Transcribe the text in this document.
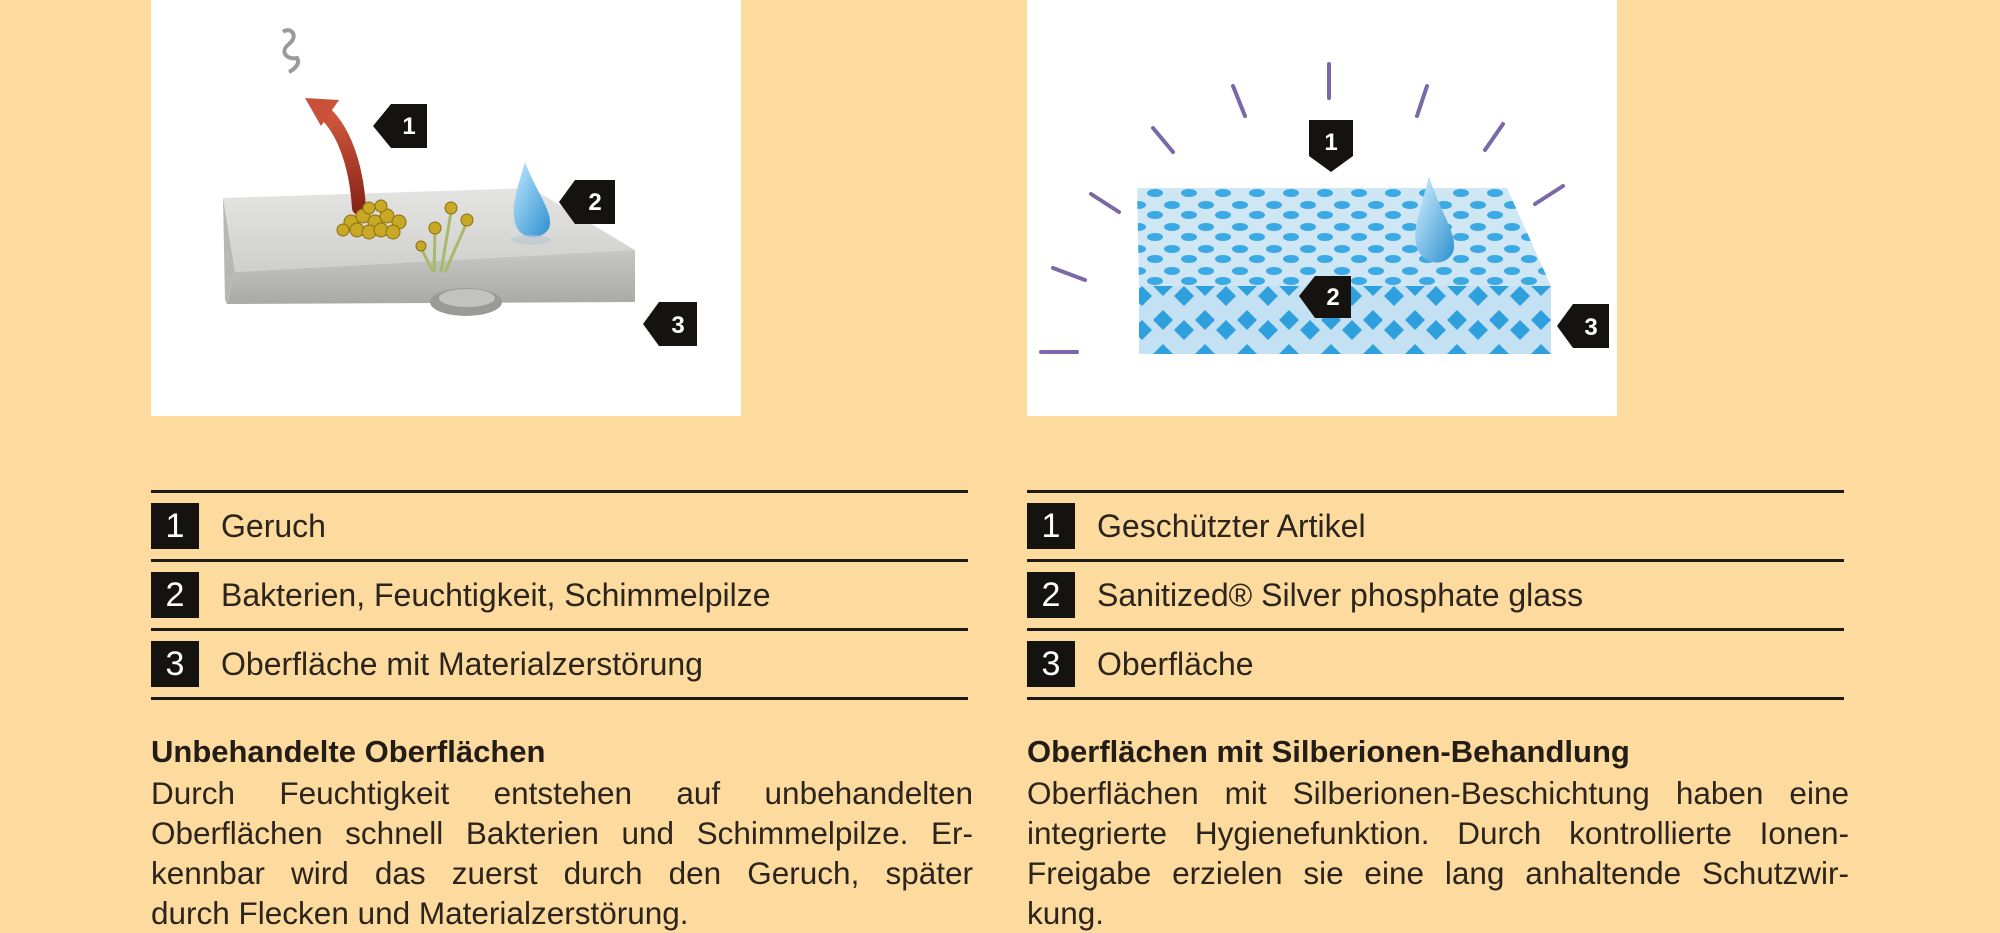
1
2
3
1	Geruch
2	Bakterien, Feuchtigkeit, Schimmelpilze
3	Oberfläche mit Materialzerstörung
Unbehandelte Oberflächen

Durch Feuchtigkeit entstehen auf unbehandelten

Oberflächen schnell Bakterien und Schimmelpilze. Er-

kennbar wird das zuerst durch den Geruch, später

durch Flecken und Materialzerstörung.

1
2
3
1	Geschützter Artikel
2	Sanitized® Silver phosphate glass
3	Oberfläche
Oberflächen mit Silberionen-Behandlung

Oberflächen mit Silberionen-Beschichtung haben eine

integrierte Hygienefunktion. Durch kontrollierte Ionen-

Freigabe erzielen sie eine lang anhaltende Schutzwir-

kung.
